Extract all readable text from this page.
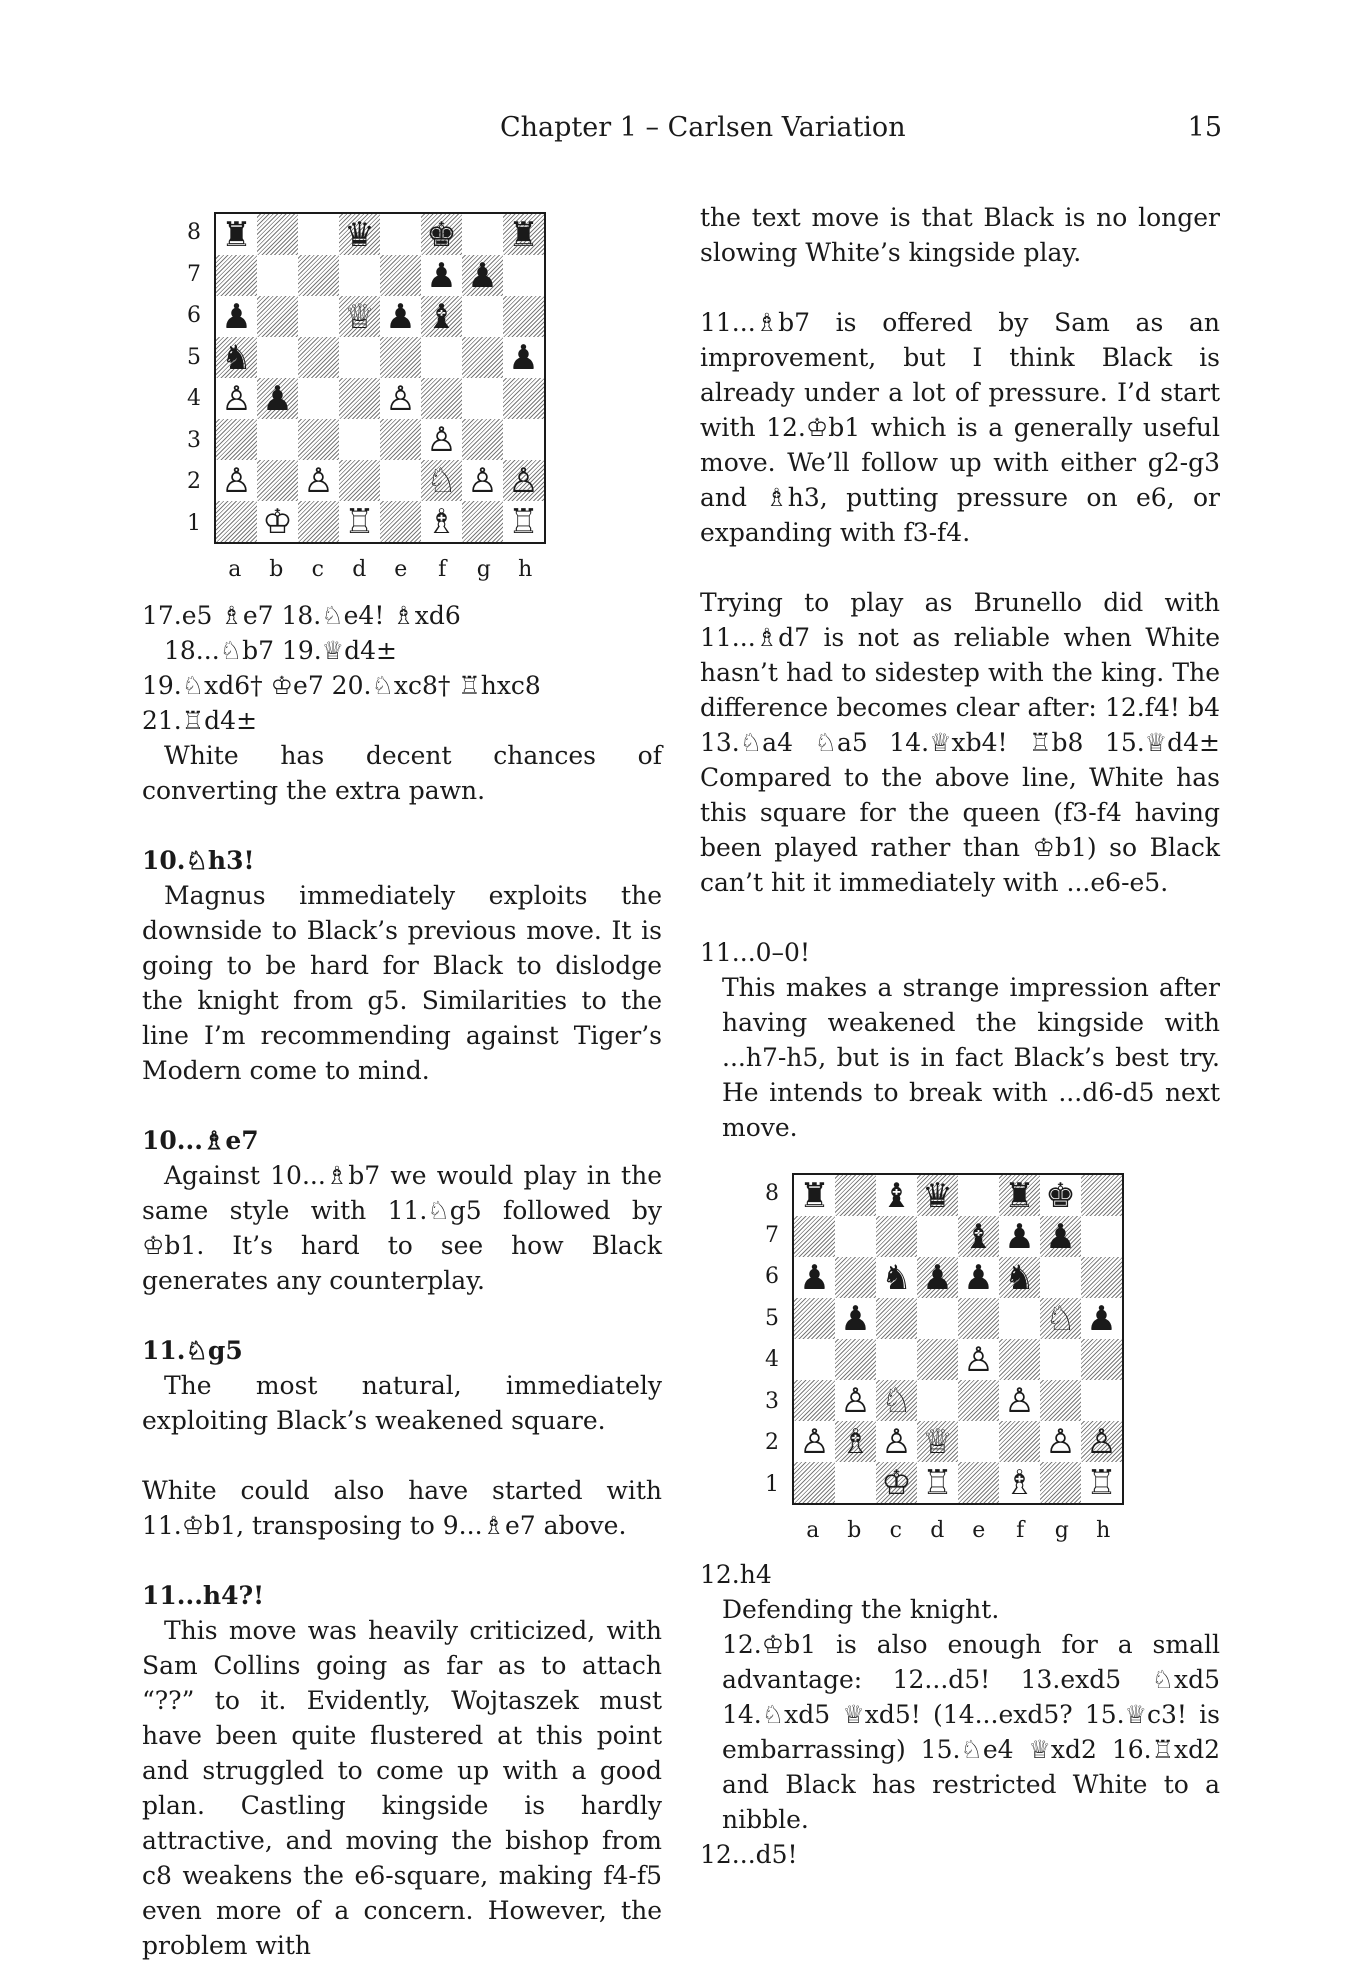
Chapter 1 – Carlsen Variation	15
8
7
6
5
4
3
2
1
♜	♛ ♚ ♜
♟ ♟
♟	♕ ♟ ♝
♞	♟
♙ ♟	♙
♙
♙ ♙	♘ ♙ ♙
♔ ♖ ♗ ♖
a	b	c	d	e	f	g	h

17.e5 ♗e7 18.♘e4! ♗xd6

18...♘b7 19.♕d4±

19.♘xd6† ♔e7 20.♘xc8† ♖hxc8 21.♖d4±

White has decent chances of converting the extra pawn.

10.♘h3!

Magnus immediately exploits the downside to Black’s previous move. It is going to be hard for Black to dislodge the knight from g5. Similarities to the line I’m recommending against Tiger’s Modern come to mind.

10...♗e7

Against 10...♗b7 we would play in the same style with 11.♘g5 followed by ♔b1. It’s hard to see how Black generates any counterplay.

11.♘g5

The most natural, immediately exploiting Black’s weakened square.

White could also have started with 11.♔b1, transposing to 9...♗e7 above.

11...h4?!

This move was heavily criticized, with Sam Collins going as far as to attach “??” to it. Evidently, Wojtaszek must have been quite flustered at this point and struggled to come up with a good plan. Castling kingside is hardly attractive, and moving the bishop from c8 weakens the e6-square, making f4-f5 even more of a concern. However, the problem with

the text move is that Black is no longer slowing White’s kingside play.

11...♗b7 is offered by Sam as an improvement, but I think Black is already under a lot of pressure. I’d start with 12.♔b1 which is a generally useful move. We’ll follow up with either g2-g3 and ♗h3, putting pressure on e6, or expanding with f3-f4.

Trying to play as Brunello did with 11...♗d7 is not as reliable when White hasn’t had to sidestep with the king. The difference becomes clear after: 12.f4! b4 13.♘a4 ♘a5 14.♕xb4! ♖b8 15.♕d4± Compared to the above line, White has this square for the queen (f3-f4 having been played rather than ♔b1) so Black can’t hit it immediately with ...e6-e5.

11...0–0!

This makes a strange impression after having weakened the kingside with ...h7-h5, but is in fact Black’s best try. He intends to break with ...d6-d5 next move.

8
7
6
5
4
3
2
1
♜ ♝ ♛ ♜ ♚
♝ ♟ ♟
♟ ♞ ♟ ♟ ♞
♟	♘ ♟
♙
♙ ♘	♙
♙ ♗ ♙ ♕	♙ ♙
♔ ♖ ♗ ♖
a	b	c	d	e	f	g	h

12.h4

Defending the knight.

12.♔b1 is also enough for a small advantage: 12...d5! 13.exd5 ♘xd5 14.♘xd5 ♕xd5! (14...exd5? 15.♕c3! is embarrassing) 15.♘e4 ♕xd2 16.♖xd2 and Black has restricted White to a nibble.

12...d5!
